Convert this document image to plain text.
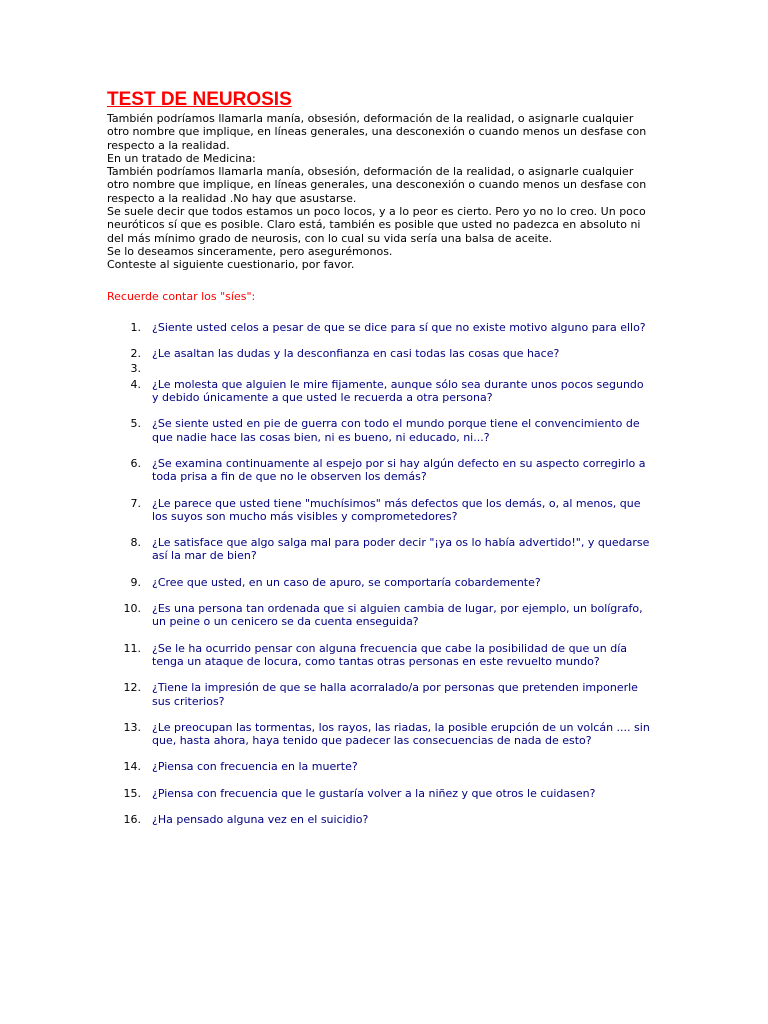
TEST DE NEUROSIS

También podríamos llamarla manía, obsesión, deformación de la realidad, o asignarle cualquier otro nombre que implique, en líneas generales, una desconexión o cuando menos un desfase con respecto a la realidad.

En un tratado de Medicina:

También podríamos llamarla manía, obsesión, deformación de la realidad, o asignarle cualquier otro nombre que implique, en líneas generales, una desconexión o cuando menos un desfase con respecto a la realidad .No hay que asustarse.

Se suele decir que todos estamos un poco locos, y a lo peor es cierto. Pero yo no lo creo. Un poco neuróticos sí que es posible. Claro está, también es posible que usted no padezca en absoluto ni del más mínimo grado de neurosis, con lo cual su vida sería una balsa de aceite.

Se lo deseamos sinceramente, pero asegurémonos.

Conteste al siguiente cuestionario, por favor.

Recuerde contar los "síes":

1. ¿Siente usted celos a pesar de que se dice para sí que no existe motivo alguno para ello?
2. ¿Le asaltan las dudas y la desconfianza en casi todas las cosas que hace?
3.
4. ¿Le molesta que alguien le mire fijamente, aunque sólo sea durante unos pocos segundo y debido únicamente a que usted le recuerda a otra persona?
5. ¿Se siente usted en pie de guerra con todo el mundo porque tiene el convencimiento de que nadie hace las cosas bien, ni es bueno, ni educado, ni...?
6. ¿Se examina continuamente al espejo por si hay algún defecto en su aspecto corregirlo a toda prisa a fin de que no le observen los demás?
7. ¿Le parece que usted tiene "muchísimos" más defectos que los demás, o, al menos, que los suyos son mucho más visibles y comprometedores?
8. ¿Le satisface que algo salga mal para poder decir "¡ya os lo había advertido!", y quedarse así la mar de bien?
9. ¿Cree que usted, en un caso de apuro, se comportaría cobardemente?
10. ¿Es una persona tan ordenada que si alguien cambia de lugar, por ejemplo, un bolígrafo, un peine o un cenicero se da cuenta enseguida?
11. ¿Se le ha ocurrido pensar con alguna frecuencia que cabe la posibilidad de que un día tenga un ataque de locura, como tantas otras personas en este revuelto mundo?
12. ¿Tiene la impresión de que se halla acorralado/a por personas que pretenden imponerle sus criterios?
13. ¿Le preocupan las tormentas, los rayos, las riadas, la posible erupción de un volcán .... sin que, hasta ahora, haya tenido que padecer las consecuencias de nada de esto?
14. ¿Piensa con frecuencia en la muerte?
15. ¿Piensa con frecuencia que le gustaría volver a la niñez y que otros le cuidasen?
16. ¿Ha pensado alguna vez en el suicidio?
